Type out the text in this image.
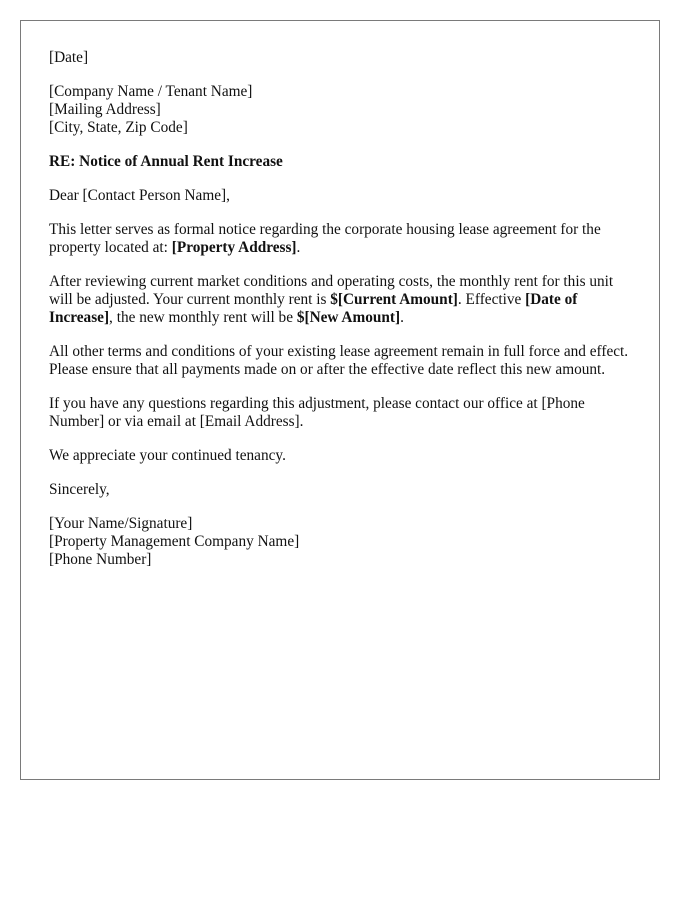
[Date]
[Company Name / Tenant Name]
[Mailing Address]
[City, State, Zip Code]
RE: Notice of Annual Rent Increase
Dear [Contact Person Name],
This letter serves as formal notice regarding the corporate housing lease agreement for the property located at: [Property Address].
After reviewing current market conditions and operating costs, the monthly rent for this unit will be adjusted. Your current monthly rent is $[Current Amount]. Effective [Date of Increase], the new monthly rent will be $[New Amount].
All other terms and conditions of your existing lease agreement remain in full force and effect. Please ensure that all payments made on or after the effective date reflect this new amount.
If you have any questions regarding this adjustment, please contact our office at [Phone Number] or via email at [Email Address].
We appreciate your continued tenancy.
Sincerely,
[Your Name/Signature]
[Property Management Company Name]
[Phone Number]
